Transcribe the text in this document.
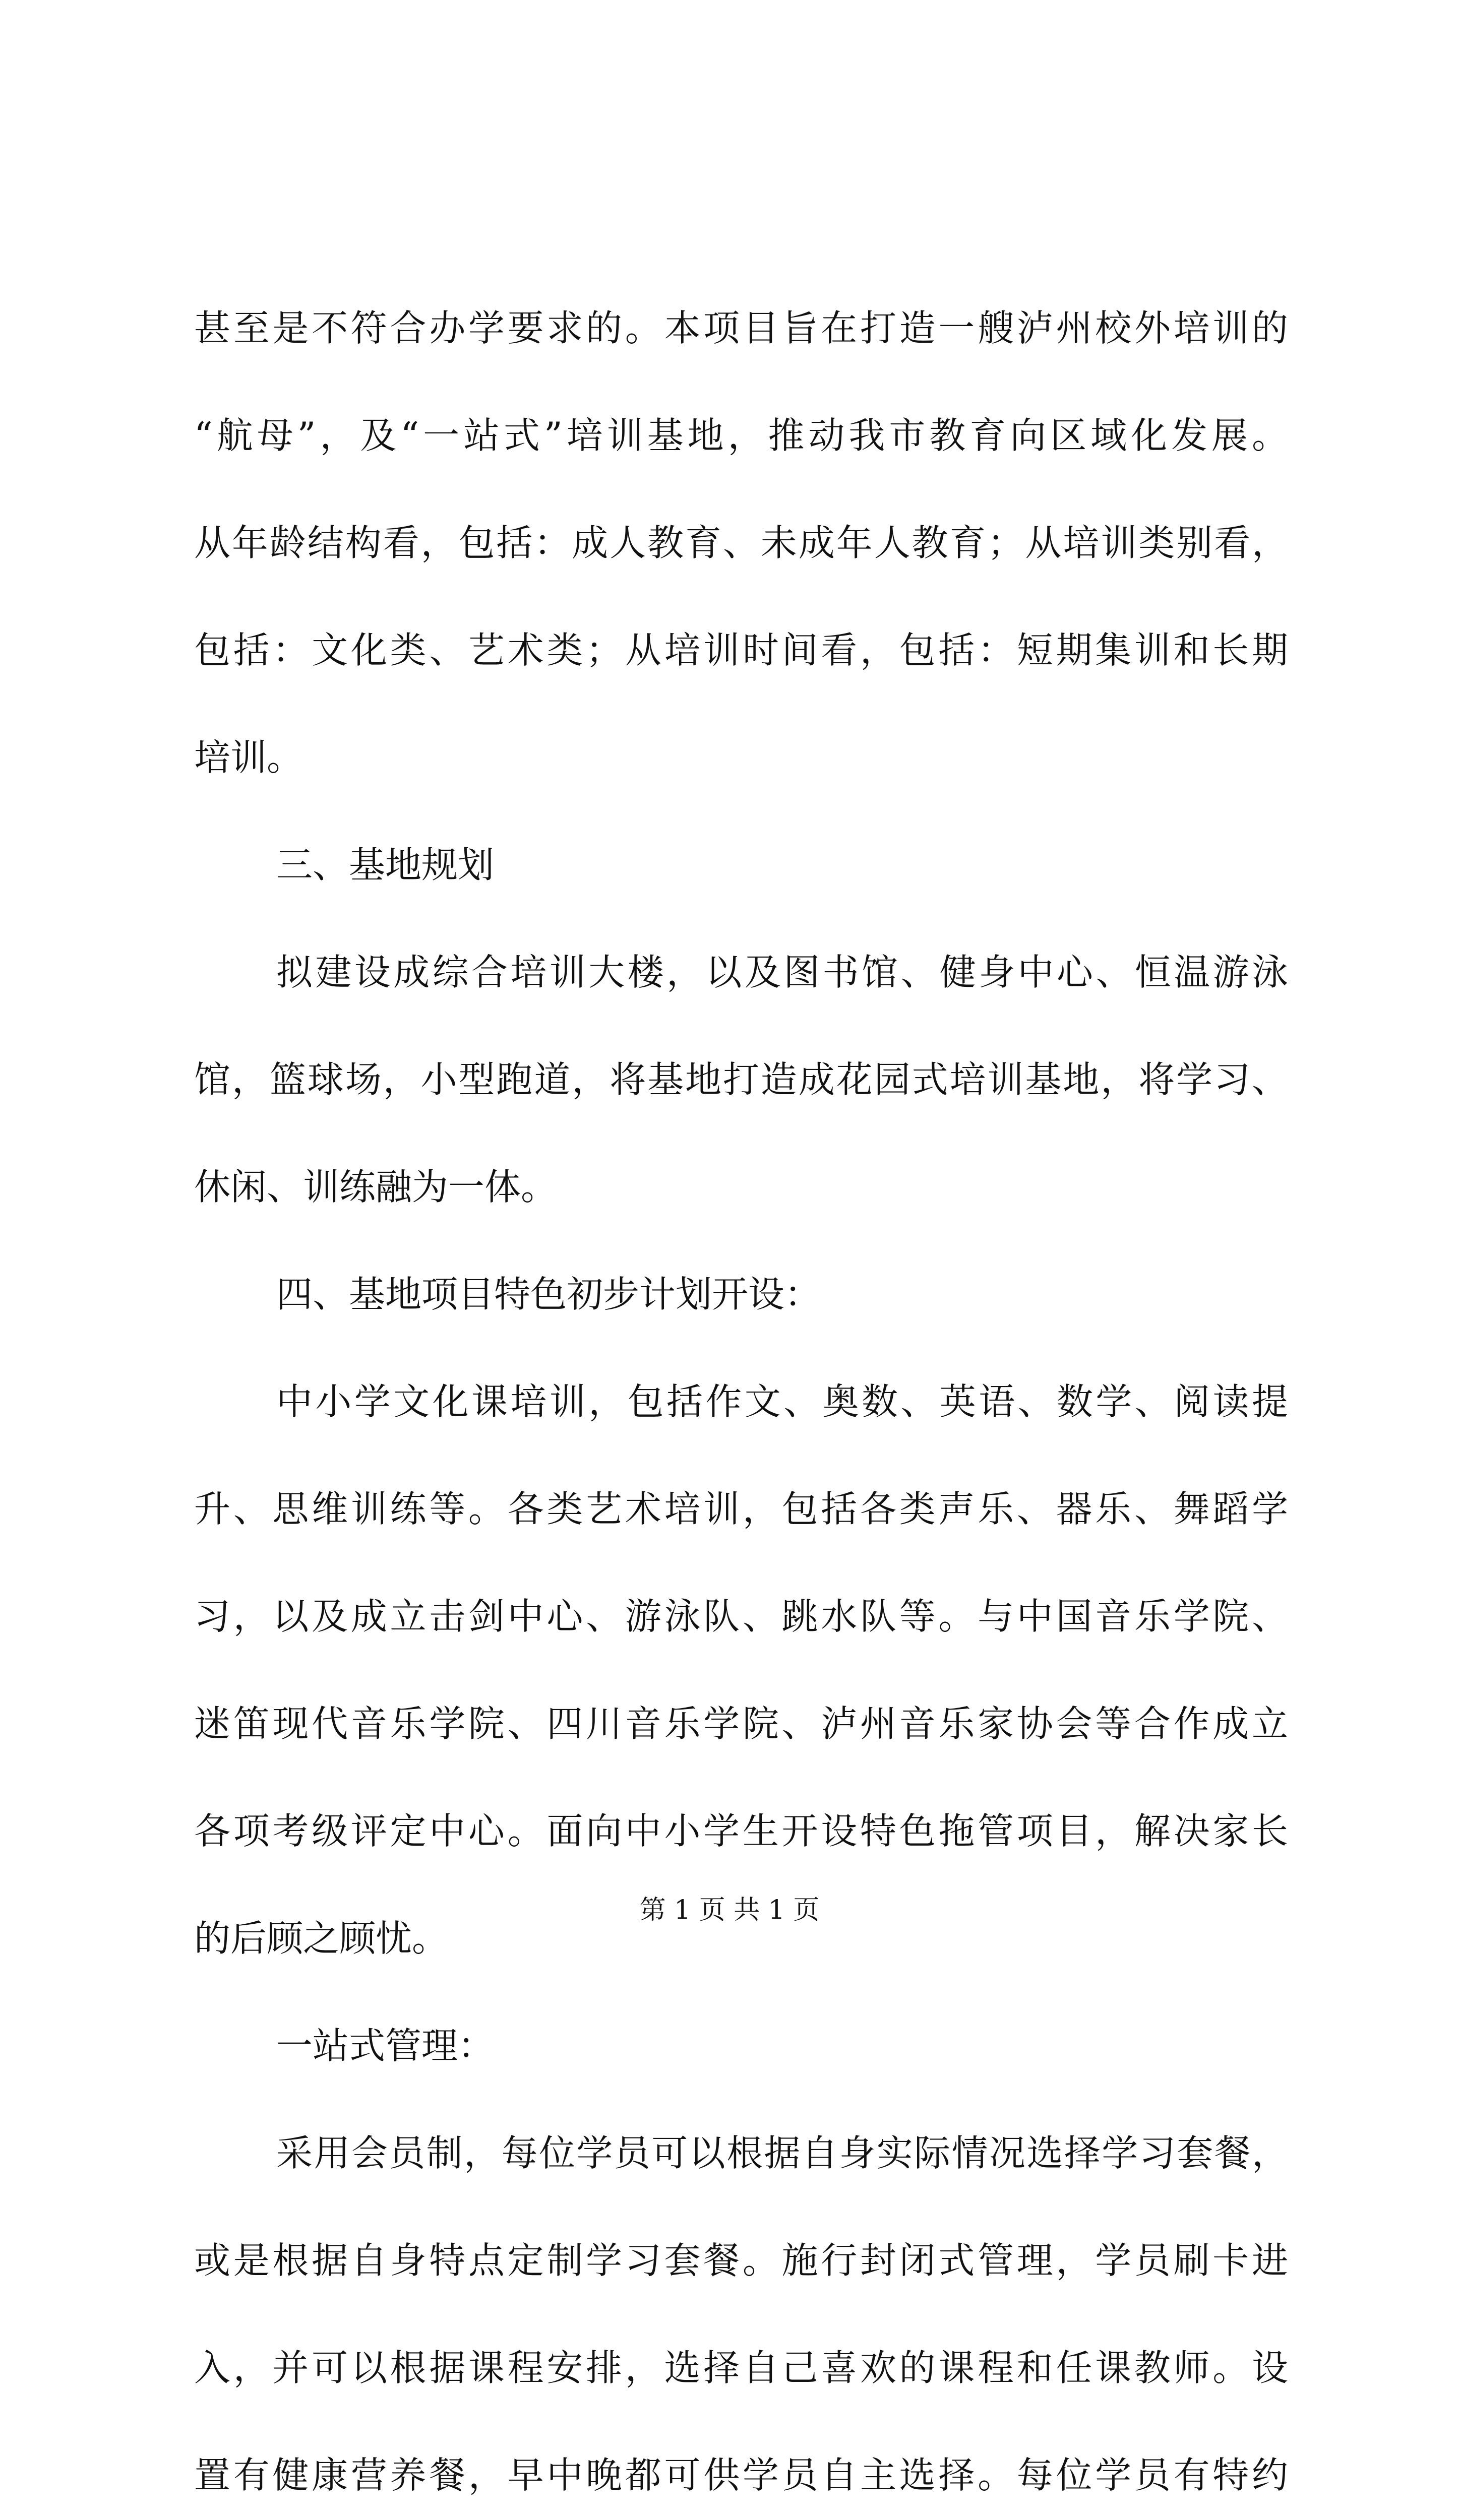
甚至是不符合办学要求的。本项目旨在打造一艘泸州校外培训的
“航母”，及“一站式”培训基地，推动我市教育向区域化发展。
从年龄结构看，包括：成人教育、未成年人教育；从培训类别看，
包括：文化类、艺术类；从培训时间看，包括：短期集训和长期
培训。
三、基地规划
拟建设成综合培训大楼，以及图书馆、健身中心、恒温游泳
馆，篮球场，小型跑道，将基地打造成花园式培训基地，将学习、
休闲、训练融为一体。
四、基地项目特色初步计划开设：
中小学文化课培训，包括作文、奥数、英语、数学、阅读提
升、思维训练等。各类艺术培训，包括各类声乐、器乐、舞蹈学
习，以及成立击剑中心、游泳队、跳水队等。与中国音乐学院、
迷笛现代音乐学院、四川音乐学院、泸州音乐家协会等合作成立
各项考级评定中心。面向中小学生开设特色拖管项目，解决家长
的后顾之顾忧。
一站式管理：
采用会员制，每位学员可以根据自身实际情况选择学习套餐，
或是根据自身特点定制学习套餐。施行封闭式管理，学员刷卡进
入，并可以根据课程安排，选择自己喜欢的课程和任课教师。设
置有健康营养餐，早中晚都可供学员自主选择。每位学员有特约
第 1 页 共 1 页
